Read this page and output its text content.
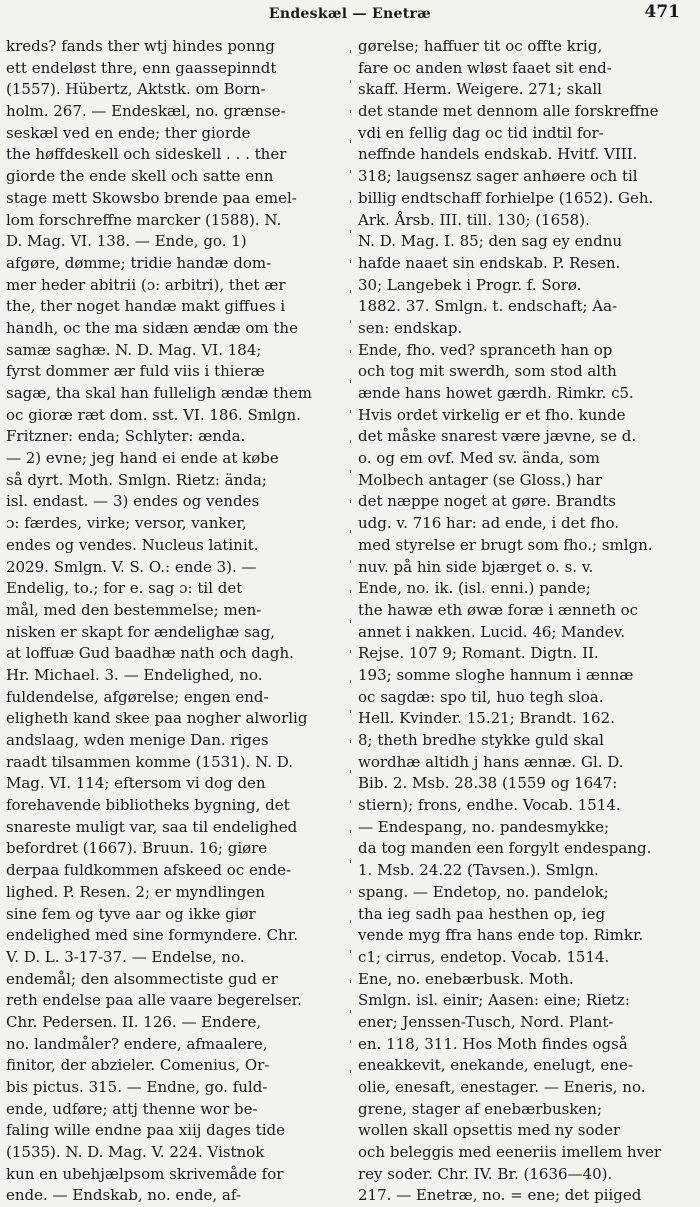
Endeskæl — Enetræ	471
kreds? fands ther wtj hindes ponng
ett endeløst thre, enn gaassepinndt
(1557). Hübertz, Aktstk. om Born-
holm. 267. — Endeskæl, no. grænse-
seskæl ved en ende; ther giorde
the høffdeskell och sideskell . . . ther
giorde the ende skell och satte enn
stage mett Skowsbo brende paa emel-
lom forschreffne marcker (1588). N.
D. Mag. VI. 138. — Ende, go. 1)
afgøre, dømme; tridie handæ dom-
mer heder abitrii (ɔ: arbitri), thet ær
the, ther noget handæ makt giffues i
handh, oc the ma sidæn ændæ om the
samæ saghæ. N. D. Mag. VI. 184;
fyrst dommer ær fuld viis i thieræ
sagæ, tha skal han fulleligh ændæ them
oc gioræ ræt dom. sst. VI. 186. Smlgn.
Fritzner: enda; Schlyter: ænda.
— 2) evne; jeg hand ei ende at købe
så dyrt. Moth. Smlgn. Rietz: ända;
isl. endast. — 3) endes og vendes
ɔ: færdes, virke; versor, vanker,
endes og vendes. Nucleus latinit.
2029. Smlgn. V. S. O.: ende 3). —
Endelig, to.; for e. sag ɔ: til det
mål, med den bestemmelse; men-
nisken er skapt for ændelighæ sag,
at loffuæ Gud baadhæ nath och dagh.
Hr. Michael. 3. — Endelighed, no.
fuldendelse, afgørelse; engen end-
eligheth kand skee paa nogher alworlig
andslaag, wden menige Dan. riges
raadt tilsammen komme (1531). N. D.
Mag. VI. 114; eftersom vi dog den
forehavende bibliotheks bygning, det
snareste muligt var, saa til endelighed
befordret (1667). Bruun. 16; giøre
derpaa fuldkommen afskeed oc ende-
lighed. P. Resen. 2; er myndlingen
sine fem og tyve aar og ikke giør
endelighed med sine formyndere. Chr.
V. D. L. 3-17-37. — Endelse, no.
endemål; den alsommectiste gud er
reth endelse paa alle vaare begerelser.
Chr. Pedersen. II. 126. — Endere,
no. landmåler? endere, afmaalere,
finitor, der abzieler. Comenius, Or-
bis pictus. 315. — Endne, go. fuld-
ende, udføre; attj thenne wor be-
faling wille endne paa xiij dages tide
(1535). N. D. Mag. V. 224. Vistnok
kun en ubehjælpsom skrivemåde for
ende. — Endskab, no. ende, af-
gørelse; haffuer tit oc offte krig,
fare oc anden wløst faaet sit end-
skaff. Herm. Weigere. 271; skall
det stande met dennom alle forskreffne
vdi en fellig dag oc tid indtil for-
neffnde handels endskab. Hvitf. VIII.
318; laugsensz sager anhøere och til
billig endtschaff forhielpe (1652). Geh.
Ark. Årsb. III. till. 130; (1658).
N. D. Mag. I. 85; den sag ey endnu
hafde naaet sin endskab. P. Resen.
30; Langebek i Progr. f. Sorø.
1882. 37. Smlgn. t. endschaft; Aa-
sen: endskap.
Ende, fho. ved? spranceth han op
och tog mit swerdh, som stod alth
ænde hans howet gærdh. Rimkr. c5.
Hvis ordet virkelig er et fho. kunde
det måske snarest være jævne, se d.
o. og em ovf. Med sv. ända, som
Molbech antager (se Gloss.) har
det næppe noget at gøre. Brandts
udg. v. 716 har: ad ende, i det fho.
med styrelse er brugt som fho.; smlgn.
nuv. på hin side bjærget o. s. v.
Ende, no. ik. (isl. enni.) pande;
the hawæ eth øwæ foræ i ænneth oc
annet i nakken. Lucid. 46; Mandev.
Rejse. 107 9; Romant. Digtn. II.
193; somme sloghe hannum i ænnæ
oc sagdæ: spo til, huo tegh sloa.
Hell. Kvinder. 15.21; Brandt. 162.
8; theth bredhe stykke guld skal
wordhæ altidh j hans ænnæ. Gl. D.
Bib. 2. Msb. 28.38 (1559 og 1647:
stiern); frons, endhe. Vocab. 1514.
— Endespang, no. pandesmykke;
da tog manden een forgylt endespang.
1. Msb. 24.22 (Tavsen.). Smlgn.
spang. — Endetop, no. pandelok;
tha ieg sadh paa hesthen op, ieg
vende myg ffra hans ende top. Rimkr.
c1; cirrus, endetop. Vocab. 1514.
Ene, no. enebærbusk. Moth.
Smlgn. isl. einir; Aasen: eine; Rietz:
ener; Jenssen-Tusch, Nord. Plant-
en. 118, 311. Hos Moth findes også
eneakkevit, enekande, enelugt, ene-
olie, enesaft, enestager. — Eneris, no.
grene, stager af enebærbusken;
wollen skall opsettis med ny soder
och beleggis med eeneriis imellem hver
rey soder. Chr. IV. Br. (1636—40).
217. — Enetræ, no. = ene; det piiged
